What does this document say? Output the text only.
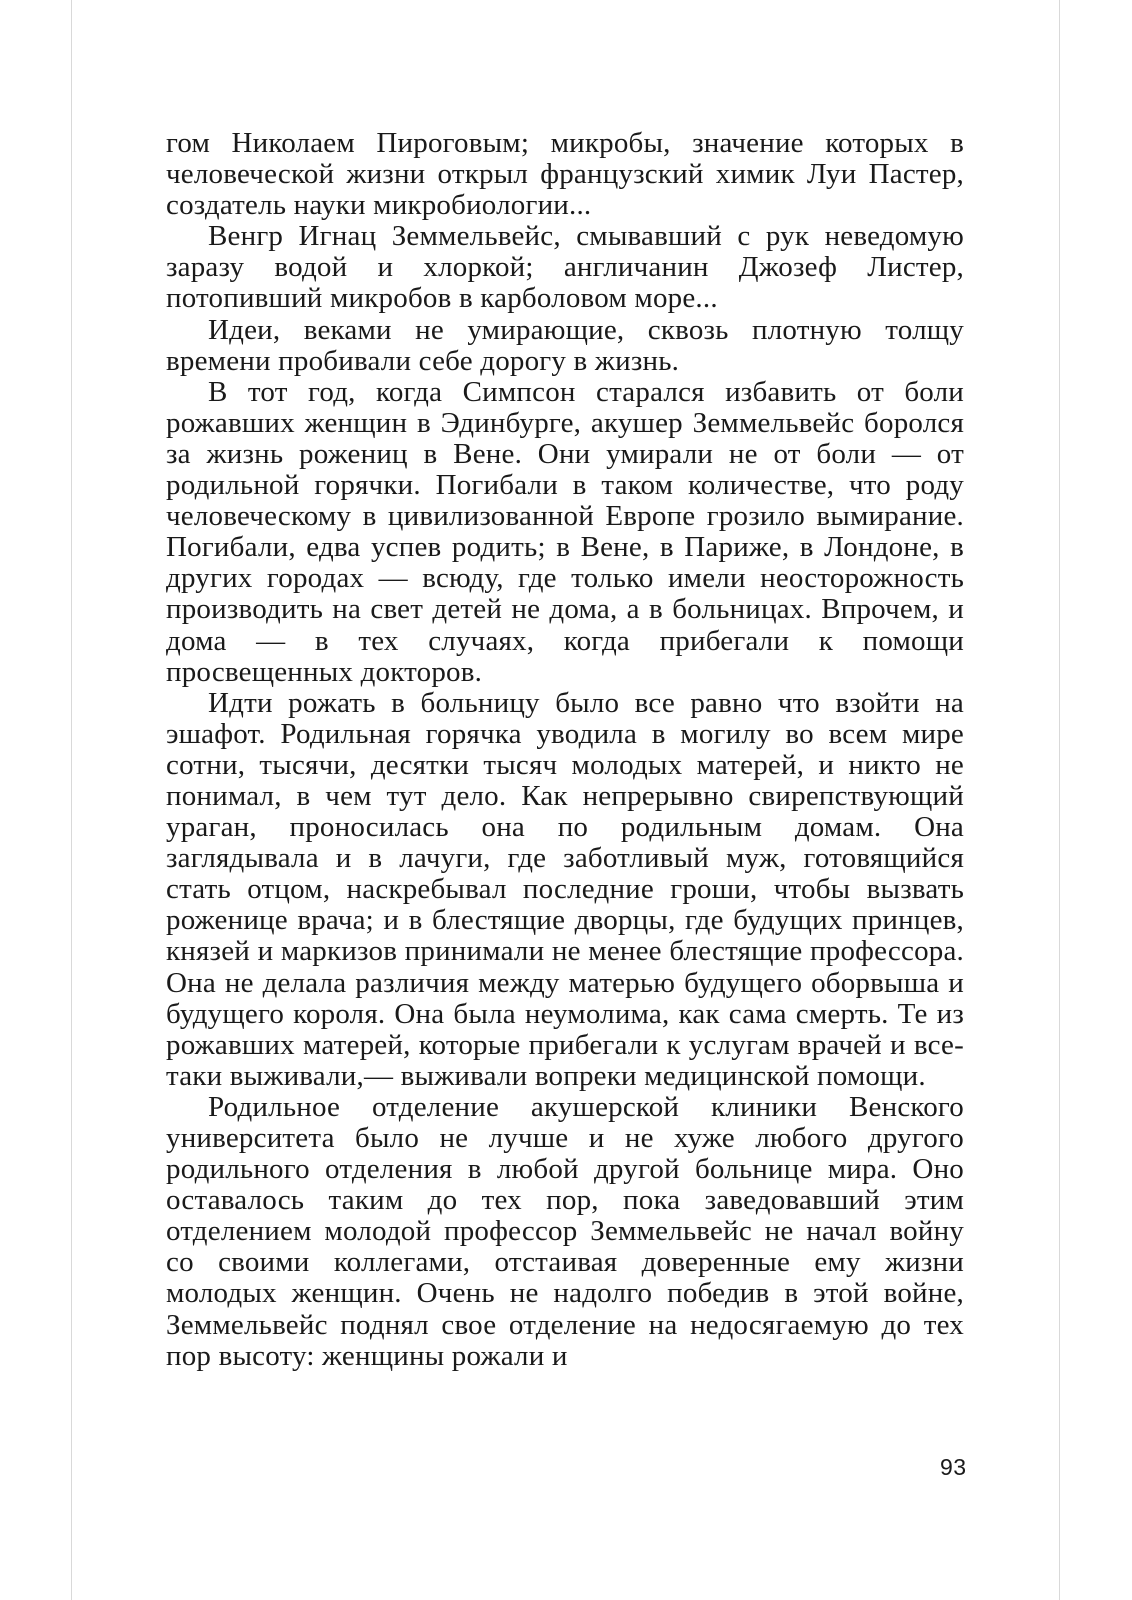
гом Николаем Пироговым; микробы, значение которых в человеческой жизни открыл французский химик Луи Пастер, создатель науки микробиологии...

Венгр Игнац Земмельвейс, смывавший с рук неведомую заразу водой и хлоркой; англичанин Джозеф Листер, потопивший микробов в карболовом море...

Идеи, веками не умирающие, сквозь плотную толщу времени пробивали себе дорогу в жизнь.

В тот год, когда Симпсон старался избавить от боли рожавших женщин в Эдинбурге, акушер Земмельвейс боролся за жизнь рожениц в Вене. Они умирали не от боли — от родильной горячки. Погибали в таком количестве, что роду человеческому в цивилизованной Европе грозило вымирание. Погибали, едва успев родить; в Вене, в Париже, в Лондоне, в других городах — всюду, где только имели неосторожность производить на свет детей не дома, а в больницах. Впрочем, и дома — в тех случаях, когда прибегали к помощи просвещенных докторов.

Идти рожать в больницу было все равно что взойти на эшафот. Родильная горячка уводила в могилу во всем мире сотни, тысячи, десятки тысяч молодых матерей, и никто не понимал, в чем тут дело. Как непрерывно свирепствующий ураган, проносилась она по родильным домам. Она заглядывала и в лачуги, где заботливый муж, готовящийся стать отцом, наскребывал последние гроши, чтобы вызвать роженице врача; и в блестящие дворцы, где будущих принцев, князей и маркизов принимали не менее блестящие профессора. Она не делала различия между матерью будущего оборвыша и будущего короля. Она была неумолима, как сама смерть. Те из рожавших матерей, которые прибегали к услугам врачей и все-таки выживали,— выживали вопреки медицинской помощи.

Родильное отделение акушерской клиники Венского университета было не лучше и не хуже любого другого родильного отделения в любой другой больнице мира. Оно оставалось таким до тех пор, пока заведовавший этим отделением молодой профессор Земмельвейс не начал войну со своими коллегами, отстаивая доверенные ему жизни молодых женщин. Очень не надолго победив в этой войне, Земмельвейс поднял свое отделение на недосягаемую до тех пор высоту: женщины рожали и

93
